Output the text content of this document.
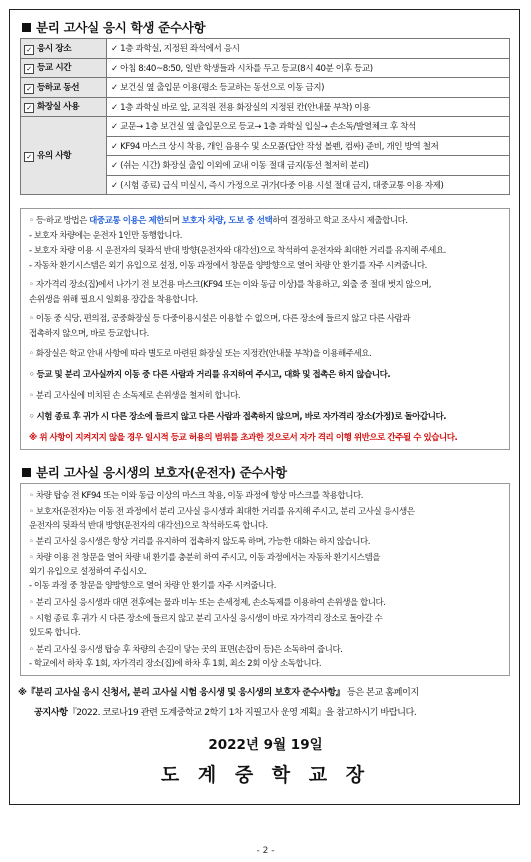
분리 고사실 응시 학생 준수사항
✓ 응시 장소	✓ 1층 과학실, 지정된 좌석에서 응시
✓ 등교 시간	✓ 아침 8:40~8:50, 일반 학생들과 시차를 두고 등교(8시 40분 이후 등교)
✓ 등하교 동선	✓ 보건실 옆 출입문 이용(평소 등교하는 동선으로 이동 금지)
✓ 화장실 사용	✓ 1층 과학실 바로 앞, 교직원 전용 화장실의 지정된 칸(안내물 부착) 이용
✓ 유의 사항	✓ 교문→ 1층 보건실 옆 출입문으로 등교→ 1층 과학실 입실→ 손소독/발열체크 후 착석
	✓ KF94 마스크 상시 착용, 개인 음용수 및 소모품(답안 작성 볼펜, 컴싸) 준비, 개인 방역 철저
	✓ (쉬는 시간) 화장실 출입 이외에 교내 이동 절대 금지(동선 철저히 분리)
	✓ (시험 종료) 급식 미실시, 즉시 가정으로 귀가(다중 이용 시설 절대 금지, 대중교통 이용 자제)
◦ 등·하교 방법은 대중교통 이용은 제한되며 보호자 차량, 도보 중 선택하여 결정하고 학교 조사시 제출합니다.
- 보호자 차량에는 운전자 1인만 동행합니다.
- 보호자 차량 이용 시 운전자의 뒷좌석 반대 방향(운전자와 대각선)으로 착석하여 운전자와 최대한 거리를 유지해 주세요.
- 자동차 환기시스템은 외기 유입으로 설정, 이동 과정에서 창문을 양방향으로 열어 차량 안 환기를 자주 시켜줍니다.
◦ 자가격리 장소(집)에서 나가기 전 보건용 마스크(KF94 또는 이와 동급 이상)를 착용하고, 외출 중 절대 벗지 않으며,
손위생을 위해 필요시 일회용 장갑을 착용합니다.
◦ 이동 중 식당, 편의점, 공중화장실 등 다중이용시설은 이용할 수 없으며, 다른 장소에 들르지 않고 다른 사람과
접촉하지 않으며, 바로 등교합니다.
◦ 화장실은 학교 안내 사항에 따라 별도로 마련된 화장실 또는 지정칸(안내물 부착)을 이용해주세요.
◦ 등교 및 분리 고사실까지 이동 중 다른 사람과 거리를 유지하여 주시고, 대화 및 접촉은 하지 않습니다.
◦ 분리 고사실에 비치된 손 소독제로 손위생을 철저히 합니다.
◦ 시험 종료 후 귀가 시 다른 장소에 들르지 않고 다른 사람과 접촉하지 않으며, 바로 자가격리 장소(가정)로 돌아갑니다.
※ 위 사항이 지켜지지 않을 경우 일시적 등교 허용의 범위를 초과한 것으로서 자가 격리 이행 위반으로 간주될 수 있습니다.
분리 고사실 응시생의 보호자(운전자) 준수사항
◦ 차량 탑승 전 KF94 또는 이와 동급 이상의 마스크 착용, 이동 과정에 항상 마스크를 착용합니다.
◦ 보호자(운전자)는 이동 전 과정에서 분리 고사실 응시생과 최대한 거리를 유지해 주시고, 분리 고사실 응시생은
운전자의 뒷좌석 반대 방향(운전자의 대각선)으로 착석하도록 합니다.
◦ 분리 고사실 응시생은 항상 거리를 유지하여 접촉하지 않도록 하며, 가능한 대화는 하지 않습니다.
◦ 차량 이용 전 창문을 열어 차량 내 환기를 충분히 하여 주시고, 이동 과정에서는 자동차 환기시스템을
외기 유입으로 설정하여 주십시오.
- 이동 과정 중 창문을 양방향으로 열어 차량 안 환기를 자주 시켜줍니다.
◦ 분리 고사실 응시생과 대면 전후에는 물과 비누 또는 손세정제, 손소독제를 이용하여 손위생을 합니다.
◦ 시험 종료 후 귀가 시 다른 장소에 들르지 않고 분리 고사실 응시생이 바로 자가격리 장소로 돌아갈 수
있도록 합니다.
◦ 분리 고사실 응시생 탑승 후 차량의 손길이 닿는 곳의 표면(손잡이 등)은 소독하여 줍니다.
- 학교에서 하차 후 1회, 자가격리 장소(집)에 하차 후 1회, 최소 2회 이상 소독합니다.
※『분리 고사실 응시 신청서, 분리 고사실 시험 응시생 및 응시생의 보호자 준수사항』 등은 본교 홈페이지
공지사항『2022. 코로나19 관련 도계중학교 2학기 1차 지필고사 운영 계획』을 참고하시기 바랍니다.
2022년 9월 19일
도 계 중 학 교 장
- 2 -
